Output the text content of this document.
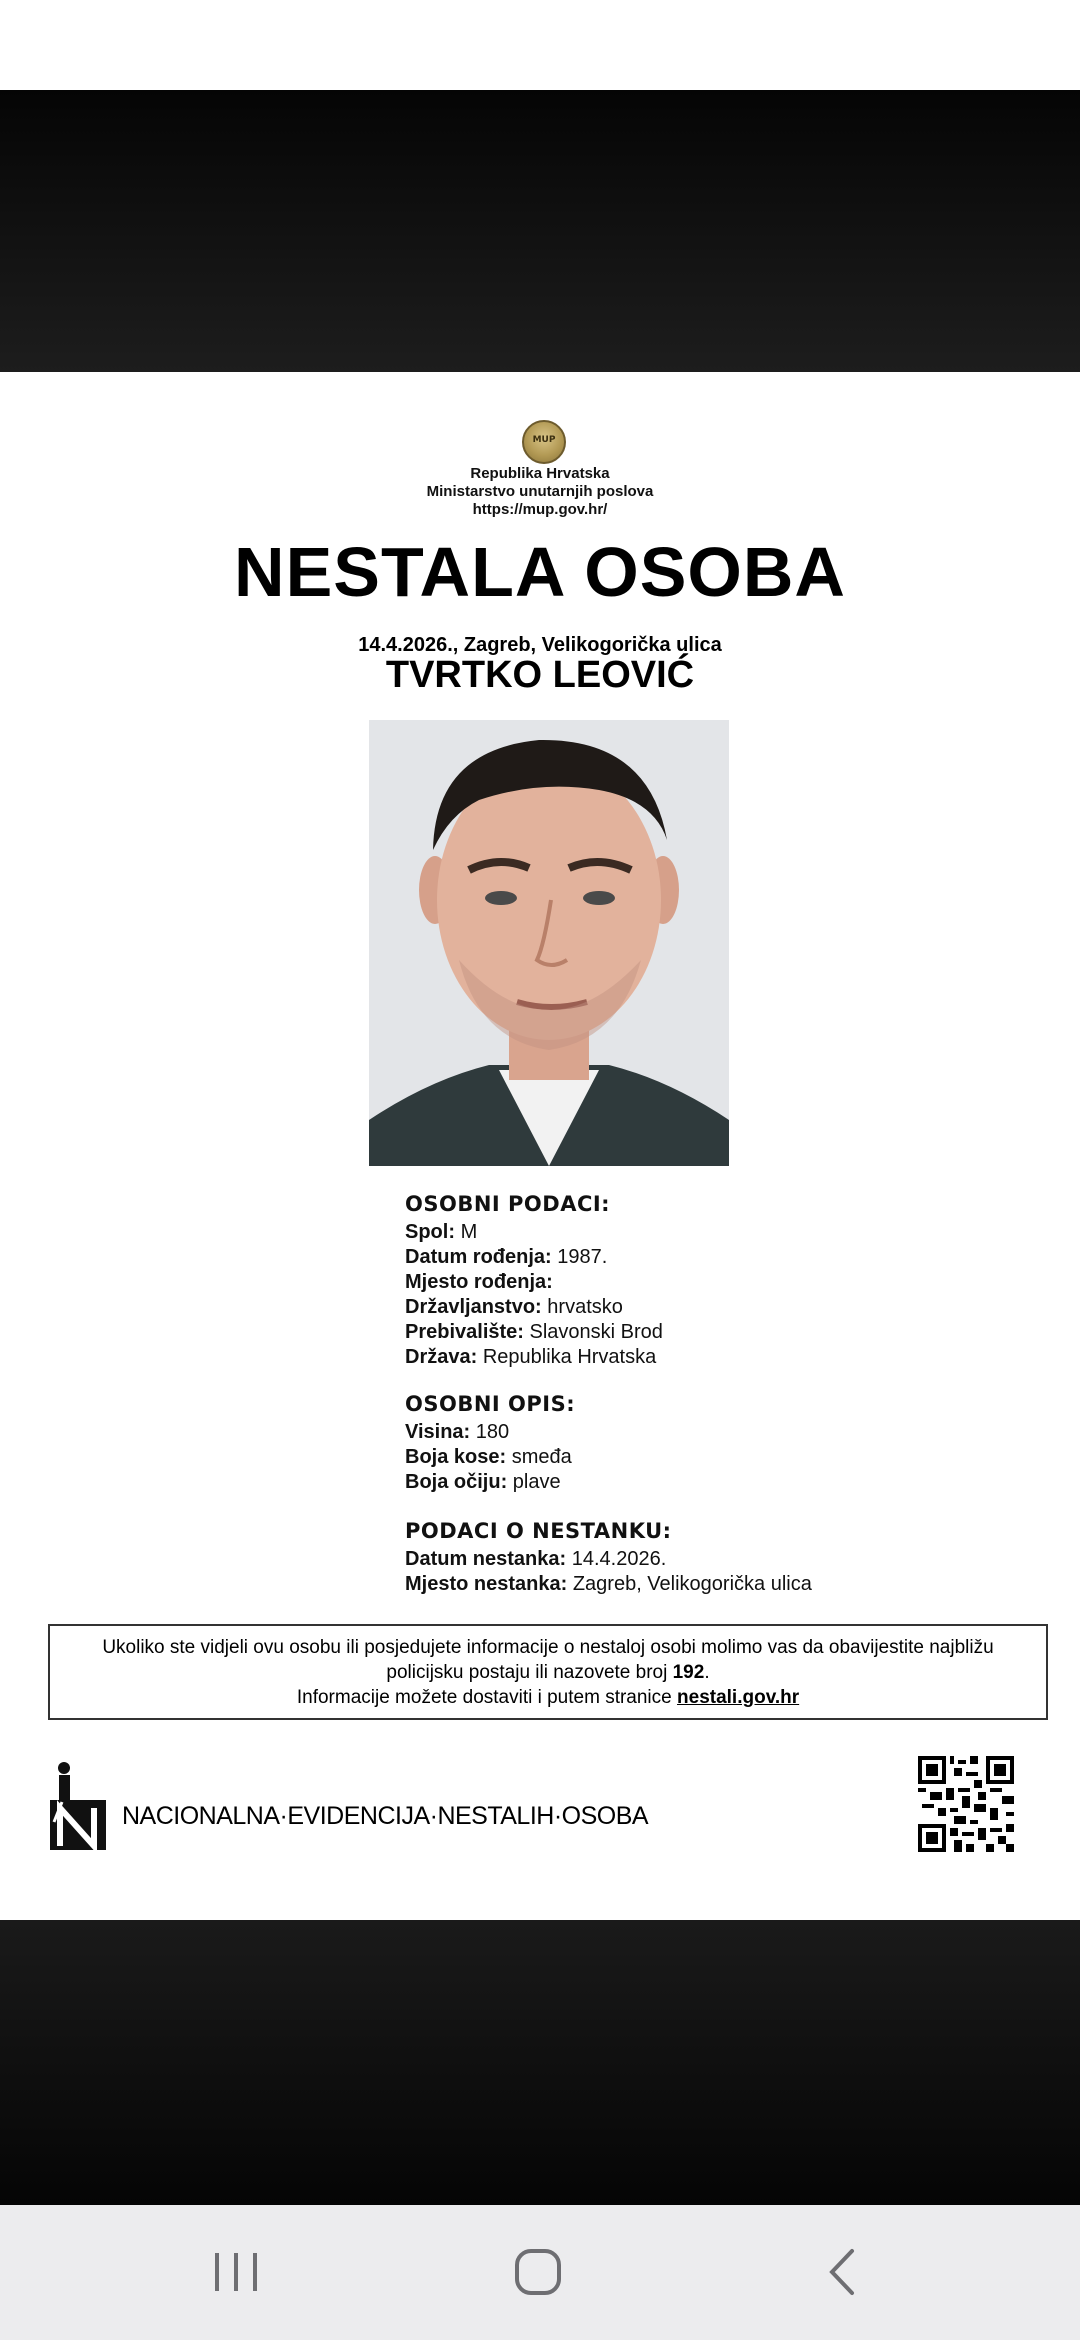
MUP
Republika Hrvatska
Ministarstvo unutarnjih poslova
https://mup.gov.hr/
NESTALA OSOBA
14.4.2026., Zagreb, Velikogorička ulica
TVRTKO LEOVIĆ
OSOBNI PODACI:
Spol: M
Datum rođenja: 1987.
Mjesto rođenja:
Državljanstvo: hrvatsko
Prebivalište: Slavonski Brod
Država: Republika Hrvatska
OSOBNI OPIS:
Visina: 180
Boja kose: smeđa
Boja očiju: plave
PODACI O NESTANKU:
Datum nestanka: 14.4.2026.
Mjesto nestanka: Zagreb, Velikogorička ulica
Ukoliko ste vidjeli ovu osobu ili posjedujete informacije o nestaloj osobi molimo vas da obavijestite najbližu
policijsku postaju ili nazovete broj 192.
Informacije možete dostaviti i putem stranice nestali.gov.hr
NACIONALNA·EVIDENCIJA·NESTALIH·OSOBA
